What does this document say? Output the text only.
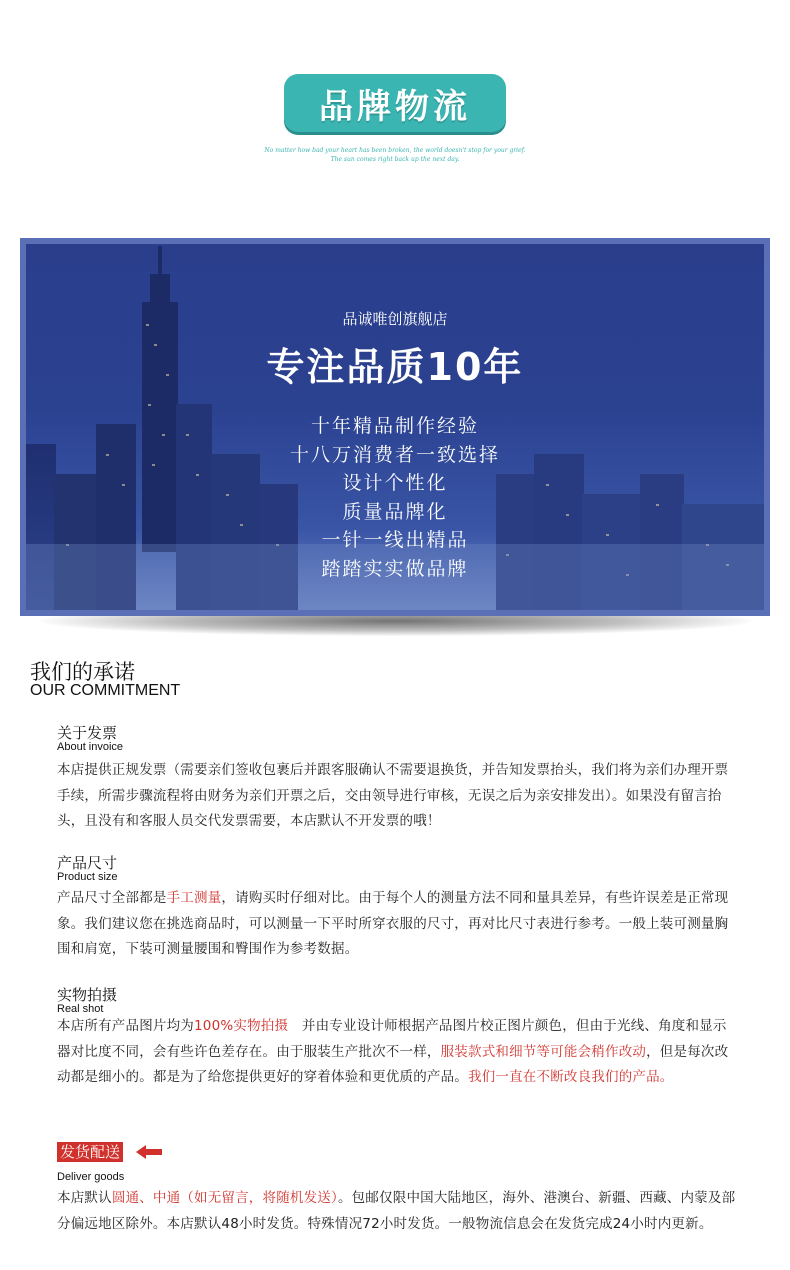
品牌物流
No matter how bad your heart has been broken, the world doesn't stop for your grief.
The sun comes right back up the next day.
品诚唯创旗舰店
专注品质10年
十年精品制作经验
十八万消费者一致选择
设计个性化
质量品牌化
一针一线出精品
踏踏实实做品牌
我们的承诺
OUR COMMITMENT
关于发票
About invoice
本店提供正规发票（需要亲们签收包裹后并跟客服确认不需要退换货，并告知发票抬头，我们将为亲们办理开票手续，所需步骤流程将由财务为亲们开票之后，交由领导进行审核，无误之后为亲安排发出）。如果没有留言抬头，且没有和客服人员交代发票需要，本店默认不开发票的哦！
产品尺寸
Product size
产品尺寸全部都是手工测量，请购买时仔细对比。由于每个人的测量方法不同和量具差异，有些许误差是正常现象。我们建议您在挑选商品时，可以测量一下平时所穿衣服的尺寸，再对比尺寸表进行参考。一般上装可测量胸围和肩宽，下装可测量腰围和臀围作为参考数据。
实物拍摄
Real shot
本店所有产品图片均为100%实物拍摄　并由专业设计师根据产品图片校正图片颜色，但由于光线、角度和显示器对比度不同，会有些许色差存在。由于服装生产批次不一样，服装款式和细节等可能会稍作改动，但是每次改动都是细小的。都是为了给您提供更好的穿着体验和更优质的产品。我们一直在不断改良我们的产品。
发货配送
Deliver goods
本店默认圆通、中通（如无留言，将随机发送）。包邮仅限中国大陆地区，海外、港澳台、新疆、西藏、内蒙及部分偏远地区除外。本店默认48小时发货。特殊情况72小时发货。一般物流信息会在发货完成24小时内更新。
